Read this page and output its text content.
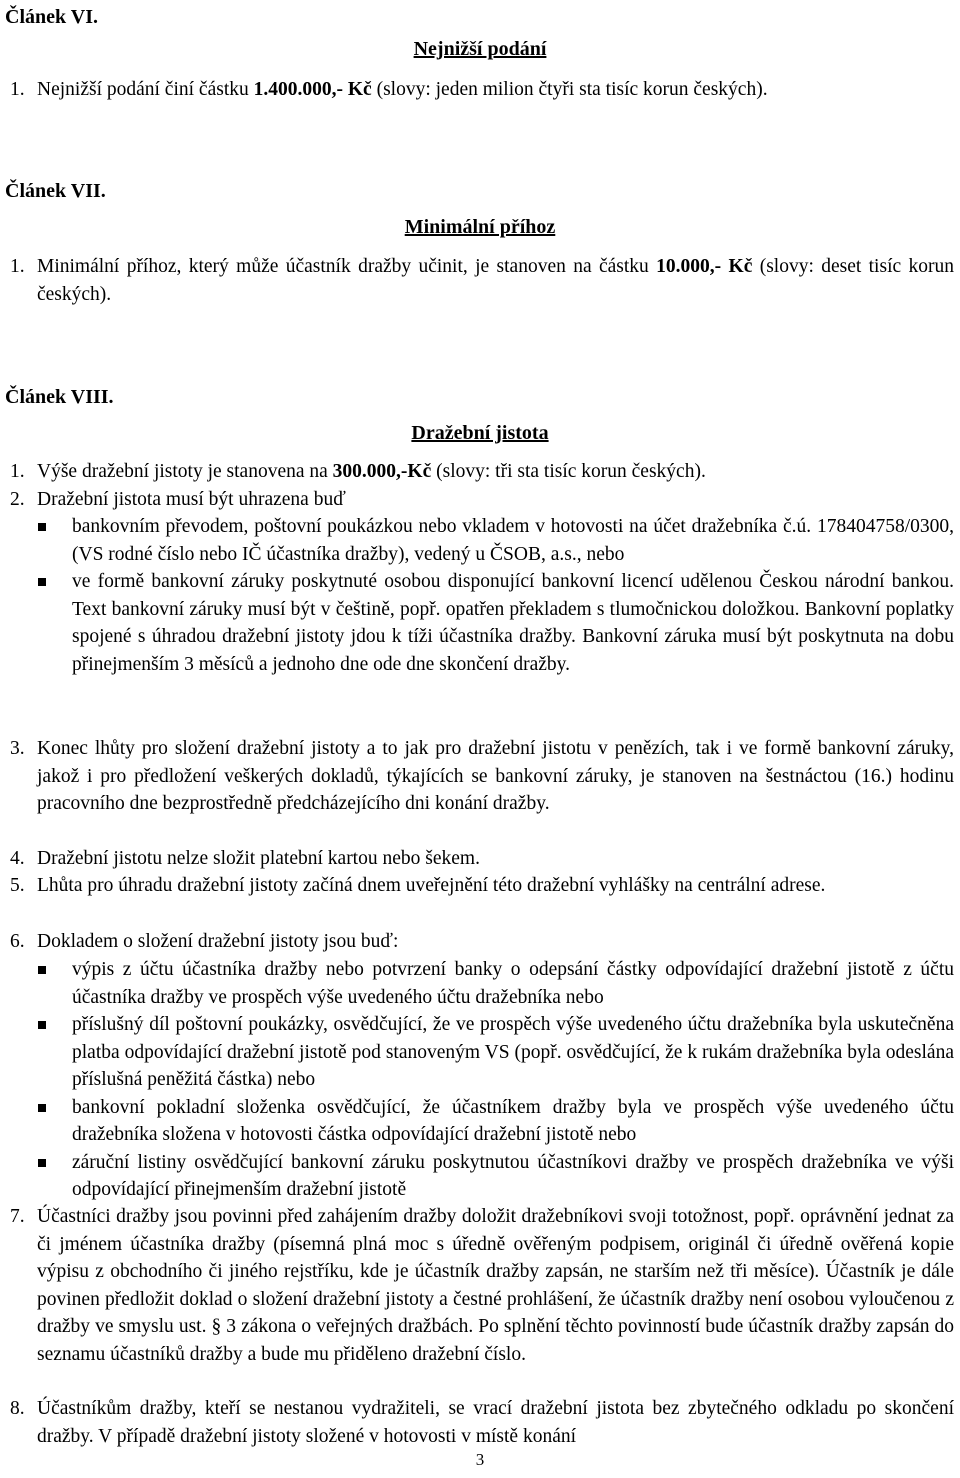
Článek VI.
Nejnižší podání
1. Nejnižší podání činí částku 1.400.000,- Kč (slovy: jeden milion čtyři sta tisíc korun českých).
Článek VII.
Minimální příhoz
1. Minimální příhoz, který může účastník dražby učinit, je stanoven na částku 10.000,- Kč (slovy: deset tisíc korun českých).
Článek VIII.
Dražební jistota
1. Výše dražební jistoty je stanovena na 300.000,-Kč (slovy: tři sta tisíc korun českých).
2. Dražební jistota musí být uhrazena buď
bankovním převodem, poštovní poukázkou nebo vkladem v hotovosti na účet dražebníka č.ú. 178404758/0300, (VS rodné číslo nebo IČ účastníka dražby), vedený u ČSOB, a.s., nebo
ve formě bankovní záruky poskytnuté osobou disponující bankovní licencí udělenou Českou národní bankou. Text bankovní záruky musí být v češtině, popř. opatřen překladem s tlumočnickou doložkou. Bankovní poplatky spojené s úhradou dražební jistoty jdou k tíži účastníka dražby. Bankovní záruka musí být poskytnuta na dobu přinejmenším 3 měsíců a jednoho dne ode dne skončení dražby.
3. Konec lhůty pro složení dražební jistoty a to jak pro dražební jistotu v penězích, tak i ve formě bankovní záruky, jakož i pro předložení veškerých dokladů, týkajících se bankovní záruky, je stanoven na šestnáctou (16.) hodinu pracovního dne bezprostředně předcházejícího dni konání dražby.
4. Dražební jistotu nelze složit platební kartou nebo šekem.
5. Lhůta pro úhradu dražební jistoty začíná dnem uveřejnění této dražební vyhlášky na centrální adrese.
6. Dokladem o složení dražební jistoty jsou buď:
výpis z účtu účastníka dražby nebo potvrzení banky o odepsání částky odpovídající dražební jistotě z účtu účastníka dražby ve prospěch výše uvedeného účtu dražebníka nebo
příslušný díl poštovní poukázky, osvědčující, že ve prospěch výše uvedeného účtu dražebníka byla uskutečněna platba odpovídající dražební jistotě pod stanoveným VS (popř. osvědčující, že k rukám dražebníka byla odeslána příslušná peněžitá částka) nebo
bankovní pokladní složenka osvědčující, že účastníkem dražby byla ve prospěch výše uvedeného účtu dražebníka složena v hotovosti částka odpovídající dražební jistotě nebo
záruční listiny osvědčující bankovní záruku poskytnutou účastníkovi dražby ve prospěch dražebníka ve výši odpovídající přinejmenším dražební jistotě
7. Účastníci dražby jsou povinni před zahájením dražby doložit dražebníkovi svoji totožnost, popř. oprávnění jednat za či jménem účastníka dražby (písemná plná moc s úředně ověřeným podpisem, originál či úředně ověřená kopie výpisu z obchodního či jiného rejstříku, kde je účastník dražby zapsán, ne starším než tři měsíce). Účastník je dále povinen předložit doklad o složení dražební jistoty a čestné prohlášení, že účastník dražby není osobou vyloučenou z dražby ve smyslu ust. § 3 zákona o veřejných dražbách. Po splnění těchto povinností bude účastník dražby zapsán do seznamu účastníků dražby a bude mu přiděleno dražební číslo.
8. Účastníkům dražby, kteří se nestanou vydražiteli, se vrací dražební jistota bez zbytečného odkladu po skončení dražby. V případě dražební jistoty složené v hotovosti v místě konání
3
